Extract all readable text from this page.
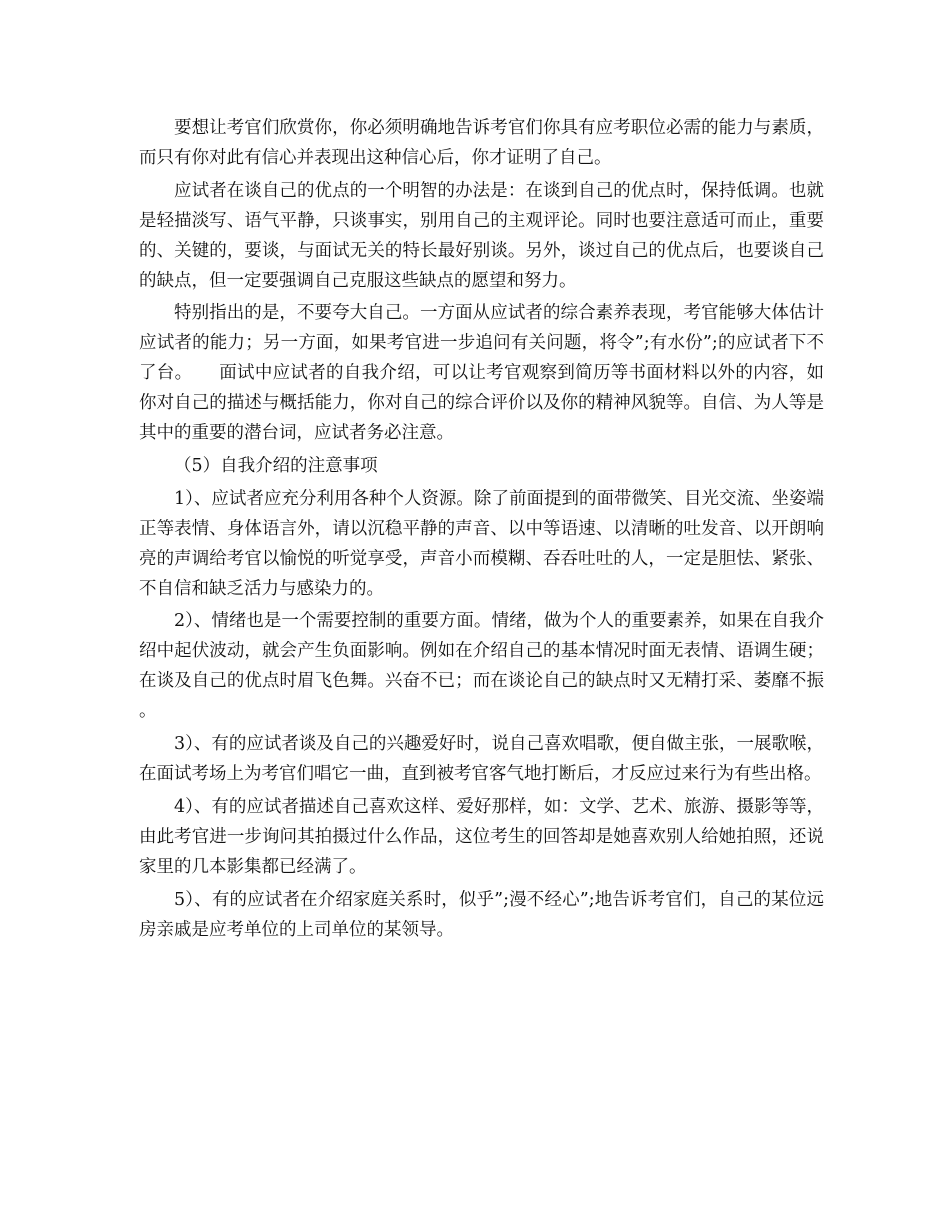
要想让考官们欣赏你，你必须明确地告诉考官们你具有应考职位必需的能力与素质，而只有你对此有信心并表现出这种信心后，你才证明了自己。

应试者在谈自己的优点的一个明智的办法是：在谈到自己的优点时，保持低调。也就是轻描淡写、语气平静，只谈事实，别用自己的主观评论。同时也要注意适可而止，重要的、关键的，要谈，与面试无关的特长最好别谈。另外，谈过自己的优点后，也要谈自己的缺点，但一定要强调自己克服这些缺点的愿望和努力。

特别指出的是，不要夸大自己。一方面从应试者的综合素养表现，考官能够大体估计应试者的能力；另一方面，如果考官进一步追问有关问题，将令”;有水份”;的应试者下不了台。　　面试中应试者的自我介绍，可以让考官观察到简历等书面材料以外的内容，如你对自己的描述与概括能力，你对自己的综合评价以及你的精神风貌等。自信、为人等是其中的重要的潜台词，应试者务必注意。

（5）自我介绍的注意事项

1）、应试者应充分利用各种个人资源。除了前面提到的面带微笑、目光交流、坐姿端正等表情、身体语言外，请以沉稳平静的声音、以中等语速、以清晰的吐发音、以开朗响亮的声调给考官以愉悦的听觉享受，声音小而模糊、吞吞吐吐的人，一定是胆怯、紧张、不自信和缺乏活力与感染力的。

2）、情绪也是一个需要控制的重要方面。情绪，做为个人的重要素养，如果在自我介绍中起伏波动，就会产生负面影响。例如在介绍自己的基本情况时面无表情、语调生硬；在谈及自己的优点时眉飞色舞。兴奋不已；而在谈论自己的缺点时又无精打采、萎靡不振。

3）、有的应试者谈及自己的兴趣爱好时，说自己喜欢唱歌，便自做主张，一展歌喉，在面试考场上为考官们唱它一曲，直到被考官客气地打断后，才反应过来行为有些出格。

4）、有的应试者描述自己喜欢这样、爱好那样，如：文学、艺术、旅游、摄影等等，由此考官进一步询问其拍摄过什么作品，这位考生的回答却是她喜欢别人给她拍照，还说家里的几本影集都已经满了。

5）、有的应试者在介绍家庭关系时，似乎”;漫不经心”;地告诉考官们，自己的某位远房亲戚是应考单位的上司单位的某领导。
